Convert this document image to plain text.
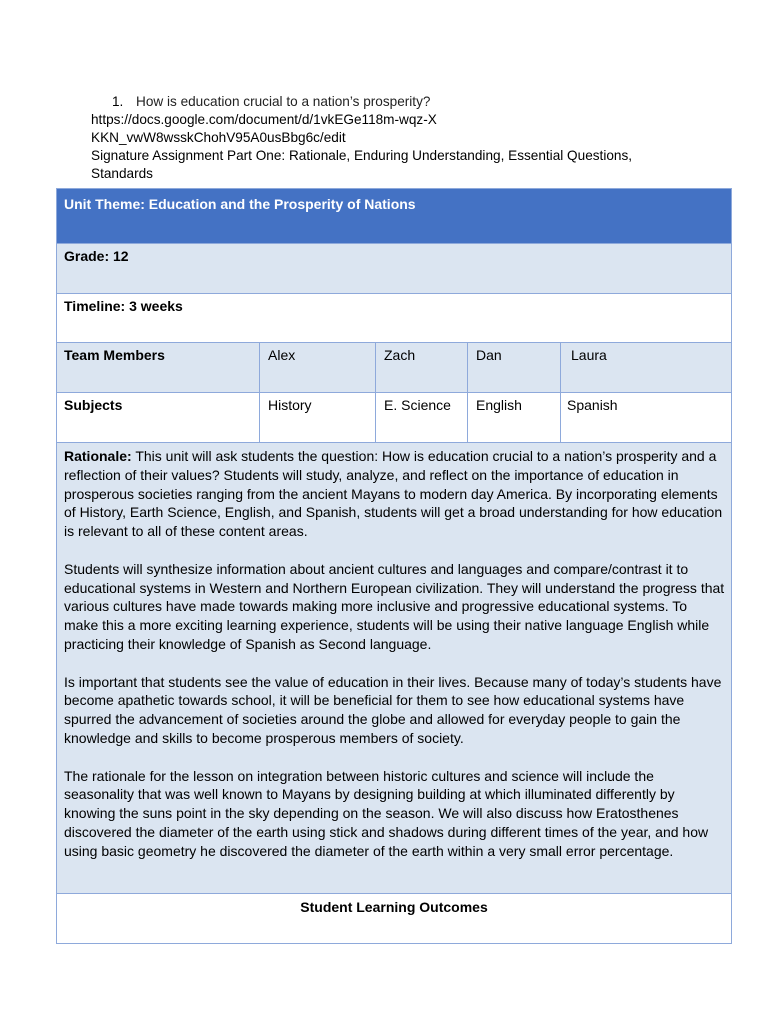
1. How is education crucial to a nation’s prosperity?
https://docs.google.com/document/d/1vkEGe118m-wqz-XKKN_vwW8wsskChohV95A0usBbg6c/edit
Signature Assignment Part One: Rationale, Enduring Understanding, Essential Questions, Standards
Unit Theme: Education and the Prosperity of Nations				
Grade: 12				
Timeline: 3 weeks				
Team Members	Alex	Zach	Dan	Laura
Subjects	History	E. Science	English	Spanish

Rationale: This unit will ask students the question: How is education crucial to a nation’s prosperity and a reflection of their values? Students will study, analyze, and reflect on the importance of education in prosperous societies ranging from the ancient Mayans to modern day America. By incorporating elements of History, Earth Science, English, and Spanish, students will get a broad understanding for how education is relevant to all of these content areas.

Students will synthesize information about ancient cultures and languages and compare/contrast it to educational systems in Western and Northern European civilization. They will understand the progress that various cultures have made towards making more inclusive and progressive educational systems. To make this a more exciting learning experience, students will be using their native language English while practicing their knowledge of Spanish as Second language.

Is important that students see the value of education in their lives. Because many of today’s students have become apathetic towards school, it will be beneficial for them to see how educational systems have spurred the advancement of societies around the globe and allowed for everyday people to gain the knowledge and skills to become prosperous members of society.

The rationale for the lesson on integration between historic cultures and science will include the seasonality that was well known to Mayans by designing building at which illuminated differently by knowing the suns point in the sky depending on the season. We will also discuss how Eratosthenes discovered the diameter of the earth using stick and shadows during different times of the year, and how using basic geometry he discovered the diameter of the earth within a very small error percentage.				

Student Learning Outcomes				
